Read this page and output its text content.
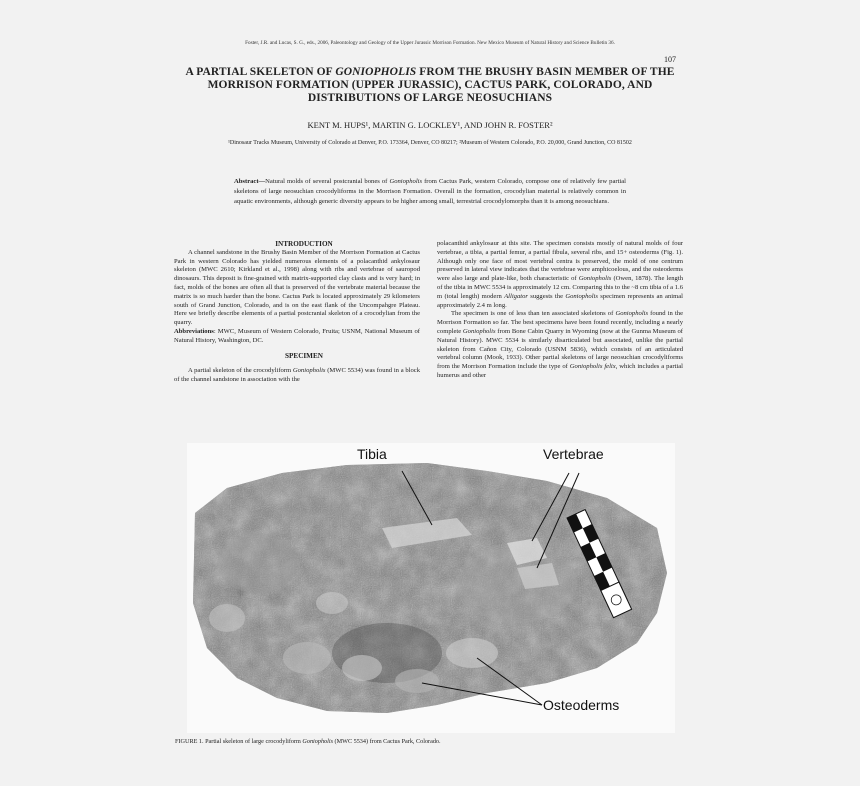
Foster, J.R. and Lucas, S. G., eds., 2006, Paleontology and Geology of the Upper Jurassic Morrison Formation. New Mexico Museum of Natural History and Science Bulletin 36.
107
A PARTIAL SKELETON OF GONIOPHOLIS FROM THE BRUSHY BASIN MEMBER OF THE MORRISON FORMATION (UPPER JURASSIC), CACTUS PARK, COLORADO, AND DISTRIBUTIONS OF LARGE NEOSUCHIANS
KENT M. HUPS¹, MARTIN G. LOCKLEY¹, AND JOHN R. FOSTER²
¹Dinosaur Tracks Museum, University of Colorado at Denver, P.O. 173364, Denver, CO 80217; ²Museum of Western Colorado, P.O. 20,000, Grand Junction, CO 81502
Abstract—Natural molds of several postcranial bones of Goniopholis from Cactus Park, western Colorado, compose one of relatively few partial skeletons of large neosuchian crocodyliforms in the Morrison Formation. Overall in the formation, crocodylian material is relatively common in aquatic environments, although generic diversity appears to be higher among small, terrestrial crocodylomorphs than it is among neosuchians.

INTRODUCTION

A channel sandstone in the Brushy Basin Member of the Morrison Formation at Cactus Park in western Colorado has yielded numerous elements of a polacanthid ankylosaur skeleton (MWC 2610; Kirkland et al., 1998) along with ribs and vertebrae of sauropod dinosaurs. This deposit is fine-grained with matrix-supported clay clasts and is very hard; in fact, molds of the bones are often all that is preserved of the vertebrate material because the matrix is so much harder than the bone. Cactus Park is located approximately 29 kilometers south of Grand Junction, Colorado, and is on the east flank of the Uncompahgre Plateau. Here we briefly describe elements of a partial postcranial skeleton of a crocodylian from the quarry.

Abbreviations: MWC, Museum of Western Colorado, Fruita; USNM, National Museum of Natural History, Washington, DC.

SPECIMEN

A partial skeleton of the crocodyliform Goniopholis (MWC 5534) was found in a block of the channel sandstone in association with the

polacanthid ankylosaur at this site. The specimen consists mostly of natural molds of four vertebrae, a tibia, a partial femur, a partial fibula, several ribs, and 15+ osteoderms (Fig. 1). Although only one face of most vertebral centra is preserved, the mold of one centrum preserved in lateral view indicates that the vertebrae were amphicoelous, and the osteoderms were also large and plate-like, both characteristic of Goniopholis (Owen, 1878). The length of the tibia in MWC 5534 is approximately 12 cm. Comparing this to the ~8 cm tibia of a 1.6 m (total length) modern Alligator suggests the Goniopholis specimen represents an animal approximately 2.4 m long.

The specimen is one of less than ten associated skeletons of Goniopholis found in the Morrison Formation so far. The best specimens have been found recently, including a nearly complete Goniopholis from Bone Cabin Quarry in Wyoming (now at the Gunma Museum of Natural History). MWC 5534 is similarly disarticulated but associated, unlike the partial skeleton from Cañon City, Colorado (USNM 5836), which consists of an articulated vertebral column (Mook, 1933). Other partial skeletons of large neosuchian crocodyliforms from the Morrison Formation include the type of Goniopholis felix, which includes a partial humerus and other

Tibia	Vertebrae
Osteoderms
FIGURE 1. Partial skeleton of large crocodyliform Goniopholis (MWC 5534) from Cactus Park, Colorado.
